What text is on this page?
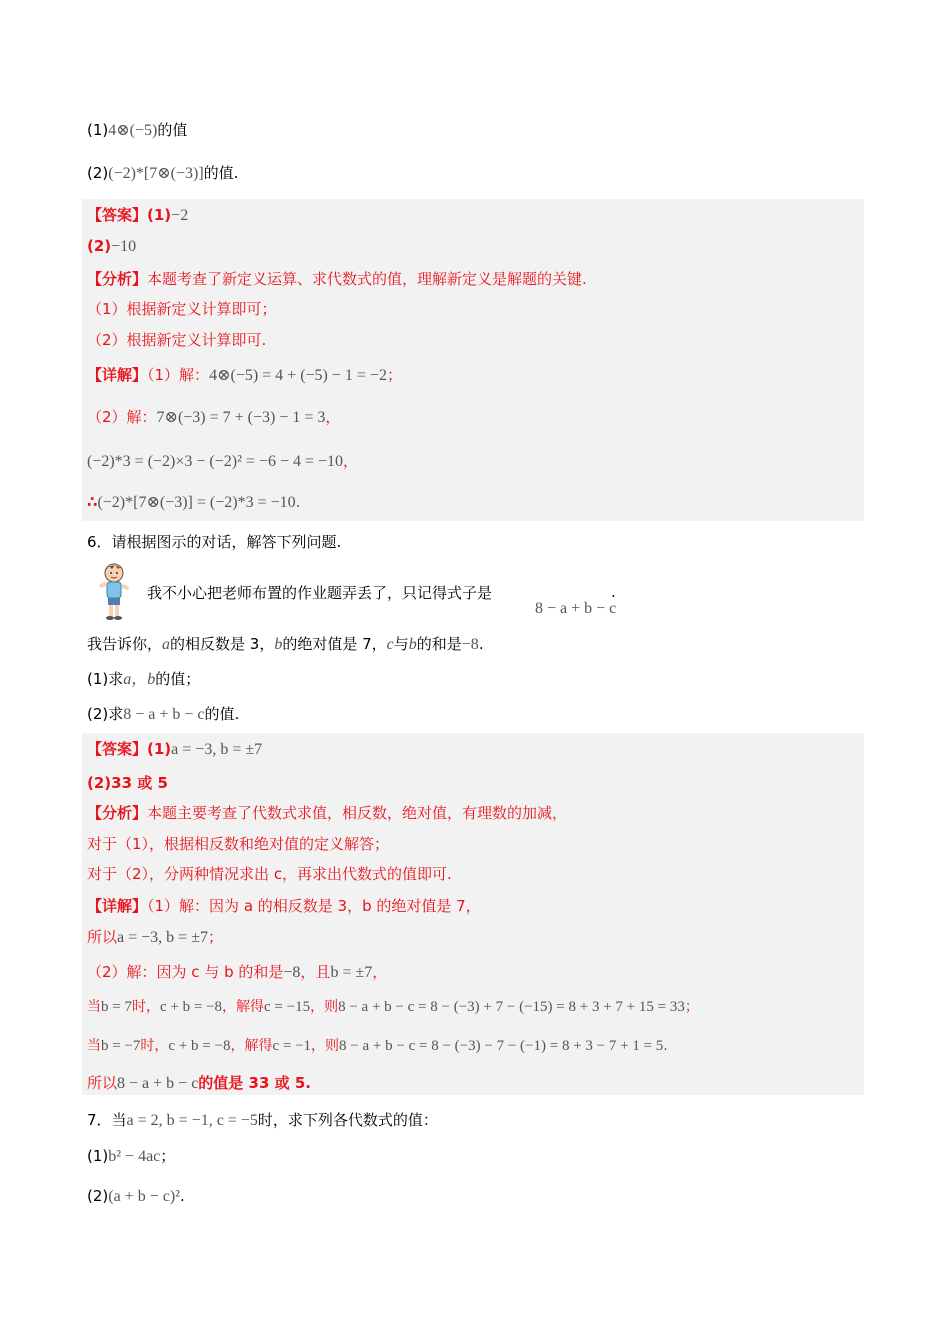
(1)4⊗(−5)的值
(2)(−2)*[7⊗(−3)]的值.
【答案】(1)−2
(2)−10
【分析】本题考查了新定义运算、求代数式的值，理解新定义是解题的关键.
（1）根据新定义计算即可；
（2）根据新定义计算即可.
【详解】（1）解：4⊗(−5) = 4 + (−5) − 1 = −2；
（2）解：7⊗(−3) = 7 + (−3) − 1 = 3，
(−2)*3 = (−2)×3 − (−2)² = −6 − 4 = −10，
∴(−2)*[7⊗(−3)] = (−2)*3 = −10.
6．请根据图示的对话，解答下列问题.
我不小心把老师布置的作业题弄丢了，只记得式子是
8 − a + b − c
.
我告诉你，a的相反数是 3，b的绝对值是 7，c与b的和是−8.
(1)求a，b的值；
(2)求8 − a + b − c的值.
【答案】(1)a = −3, b = ±7
(2)33 或 5
【分析】本题主要考查了代数式求值，相反数，绝对值，有理数的加减，
对于（1），根据相反数和绝对值的定义解答；
对于（2），分两种情况求出 c，再求出代数式的值即可.
【详解】（1）解：因为 a 的相反数是 3，b 的绝对值是 7，
所以a = −3, b = ±7；
（2）解：因为 c 与 b 的和是−8，且b = ±7，
当b = 7时，c + b = −8，解得c = −15，则8 − a + b − c = 8 − (−3) + 7 − (−15) = 8 + 3 + 7 + 15 = 33；
当b = −7时，c + b = −8，解得c = −1，则8 − a + b − c = 8 − (−3) − 7 − (−1) = 8 + 3 − 7 + 1 = 5.
所以8 − a + b − c的值是 33 或 5.
7．当a = 2, b = −1, c = −5时，求下列各代数式的值：
(1)b² − 4ac；
(2)(a + b − c)².
